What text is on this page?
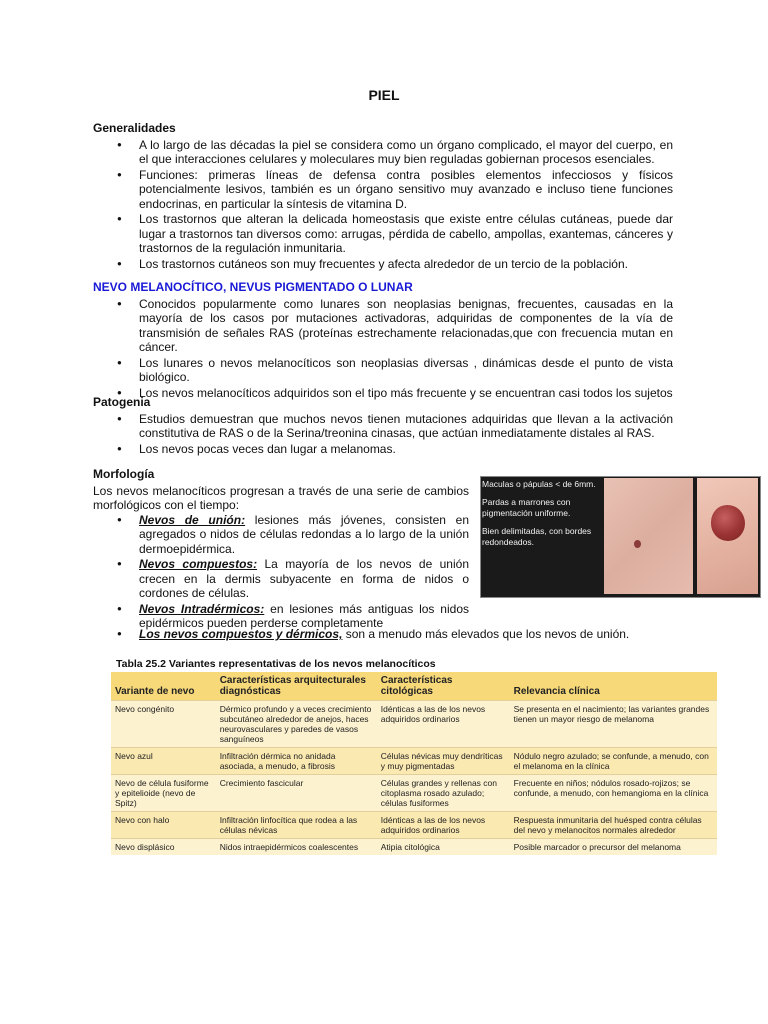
PIEL
Generalidades
● A lo largo de las décadas la piel se considera como un órgano complicado, el mayor del cuerpo, en el que interacciones celulares y moleculares muy bien reguladas gobiernan procesos esenciales.
● Funciones: primeras líneas de defensa contra posibles elementos infecciosos y físicos potencialmente lesivos, también es un órgano sensitivo muy avanzado e incluso tiene funciones endocrinas, en particular la síntesis de vitamina D.
● Los trastornos que alteran la delicada homeostasis que existe entre células cutáneas, puede dar lugar a trastornos tan diversos como: arrugas, pérdida de cabello, ampollas, exantemas, cánceres y trastornos de la regulación inmunitaria.
● Los trastornos cutáneos son muy frecuentes y afecta alrededor de un tercio de la población.
NEVO MELANOCÍTICO, NEVUS PIGMENTADO O LUNAR
● Conocidos popularmente como lunares son neoplasias benignas, frecuentes, causadas en la mayoría de los casos por mutaciones activadoras, adquiridas de componentes de la vía de transmisión de señales RAS (proteínas estrechamente relacionadas,que con frecuencia mutan en cáncer.
● Los lunares o nevos melanocíticos son neoplasias diversas , dinámicas desde el punto de vista biológico.
● Los nevos melanocíticos adquiridos son el tipo más frecuente y se encuentran casi todos los sujetos
Patogenia
● Estudios demuestran que muchos nevos tienen mutaciones adquiridas que llevan a la activación constitutiva de RAS o de la Serina/treonina cinasas, que actúan inmediatamente distales al RAS.
● Los nevos pocas veces dan lugar a melanomas.
Morfología
Los nevos melanocíticos progresan a través de una serie de cambios morfológicos con el tiempo:
● Nevos de unión: lesiones más jóvenes, consisten en agregados o nidos de células redondas a lo largo de la unión dermoepidérmica.
● Nevos compuestos: La mayoría de los nevos de unión crecen en la dermis subyacente en forma de nidos o cordones de células.
● Nevos Intradérmicos: en lesiones más antiguas los nidos epidérmicos pueden perderse completamente
● Los nevos compuestos y dérmicos, son a menudo más elevados que los nevos de unión.

Maculas o pápulas < de 6mm.

Pardas a marrones con pigmentación uniforme.

Bien delimitadas, con bordes redondeados.

Tabla 25.2 Variantes representativas de los nevos melanocíticos
Variante de nevo	Características arquitecturales diagnósticas	Características citológicas	Relevancia clínica
Nevo congénito	Dérmico profundo y a veces crecimiento subcutáneo alrededor de anejos, haces neurovasculares y paredes de vasos sanguíneos	Idénticas a las de los nevos adquiridos ordinarios	Se presenta en el nacimiento; las variantes grandes tienen un mayor riesgo de melanoma
Nevo azul	Infiltración dérmica no anidada asociada, a menudo, a fibrosis	Células névicas muy dendríticas y muy pigmentadas	Nódulo negro azulado; se confunde, a menudo, con el melanoma en la clínica
Nevo de célula fusiforme y epitelioide (nevo de Spitz)	Crecimiento fascicular	Células grandes y rellenas con citoplasma rosado azulado; células fusiformes	Frecuente en niños; nódulos rosado-rojizos; se confunde, a menudo, con hemangioma en la clínica
Nevo con halo	Infiltración linfocítica que rodea a las células névicas	Idénticas a las de los nevos adquiridos ordinarios	Respuesta inmunitaria del huésped contra células del nevo y melanocitos normales alrededor
Nevo displásico	Nidos intraepidérmicos coalescentes	Atipia citológica	Posible marcador o precursor del melanoma
